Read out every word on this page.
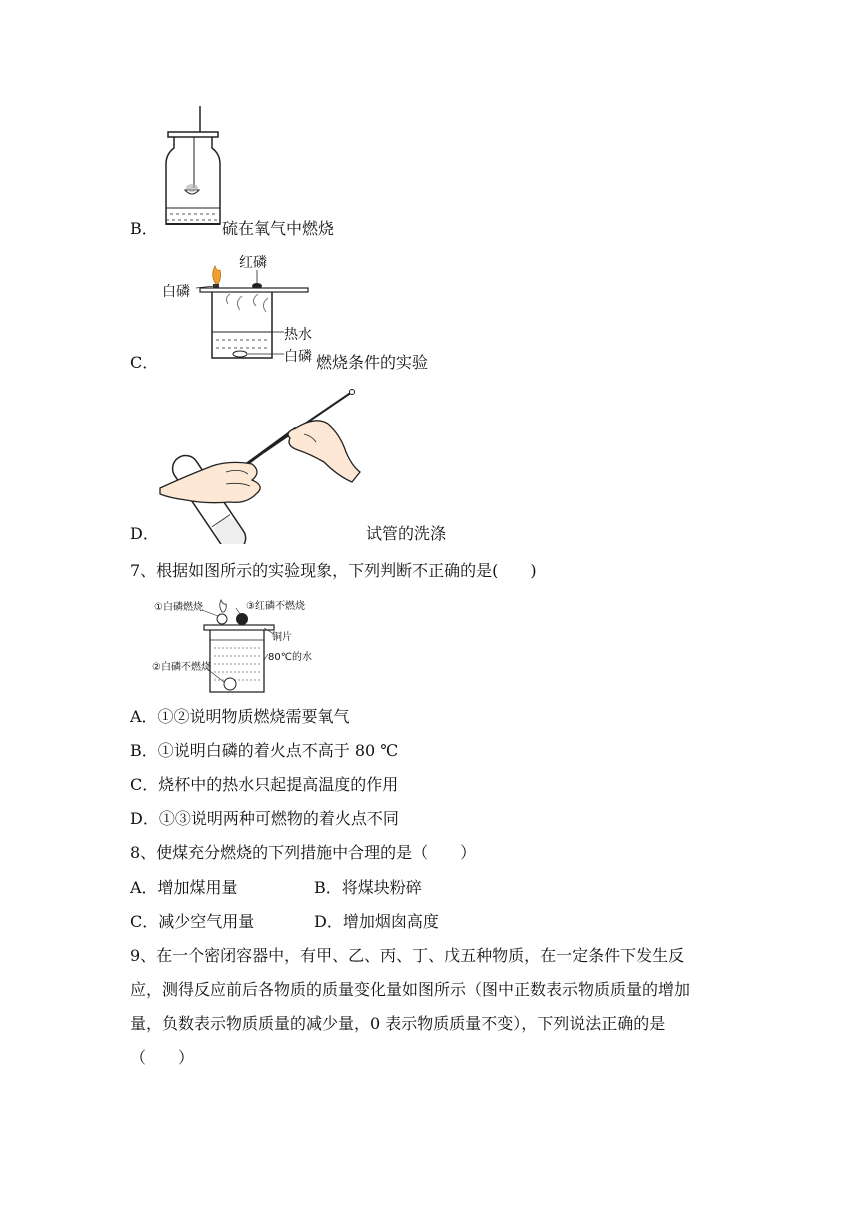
B．	硫在氧气中燃烧
红磷
白磷
热水
白磷
C．	燃烧条件的实验
D．	试管的洗涤
7、根据如图所示的实验现象，下列判断不正确的是(　　)
①白磷燃烧	③红磷不燃烧
铜片
②白磷不燃烧
80℃的水
A．①②说明物质燃烧需要氧气
B．①说明白磷的着火点不高于 80 ℃
C．烧杯中的热水只起提高温度的作用
D．①③说明两种可燃物的着火点不同
8、使煤充分燃烧的下列措施中合理的是（　　）
A．增加煤用量	B．将煤块粉碎
C．减少空气用量	D．增加烟囱高度
9、在一个密闭容器中，有甲、乙、丙、丁、戊五种物质，在一定条件下发生反
应，测得反应前后各物质的质量变化量如图所示（图中正数表示物质质量的增加
量，负数表示物质质量的减少量，0 表示物质质量不变），下列说法正确的是
（　　）
